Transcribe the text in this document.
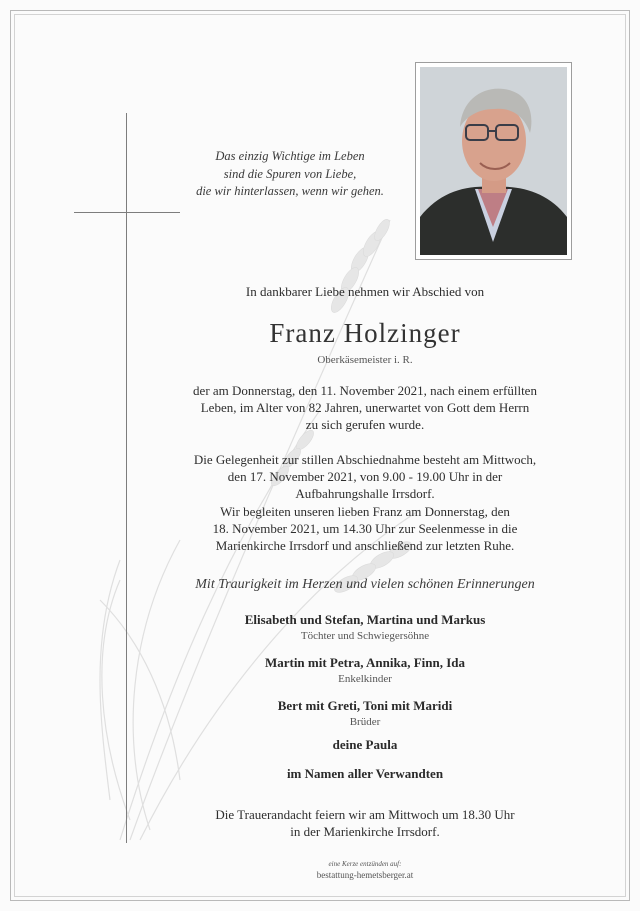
Das einzig Wichtige im Leben
sind die Spuren von Liebe,
die wir hinterlassen, wenn wir gehen.
In dankbarer Liebe nehmen wir Abschied von
Franz Holzinger
Oberkäsemeister i. R.
der am Donnerstag, den 11. November 2021, nach einem erfüllten
Leben, im Alter von 82 Jahren, unerwartet von Gott dem Herrn
zu sich gerufen wurde.
Die Gelegenheit zur stillen Abschiednahme besteht am Mittwoch,
den 17. November 2021, von 9.00 - 19.00 Uhr in der
Aufbahrungshalle Irrsdorf.
Wir begleiten unseren lieben Franz am Donnerstag, den
18. November 2021, um 14.30 Uhr zur Seelenmesse in die
Marienkirche Irrsdorf und anschließend zur letzten Ruhe.
Mit Traurigkeit im Herzen und vielen schönen Erinnerungen
Elisabeth und Stefan, Martina und Markus
Töchter und Schwiegersöhne
Martin mit Petra, Annika, Finn, Ida
Enkelkinder
Bert mit Greti, Toni mit Maridi
Brüder
deine Paula
im Namen aller Verwandten
Die Trauerandacht feiern wir am Mittwoch um 18.30 Uhr
in der Marienkirche Irrsdorf.
eine Kerze entzünden auf:
bestattung-hemetsberger.at
